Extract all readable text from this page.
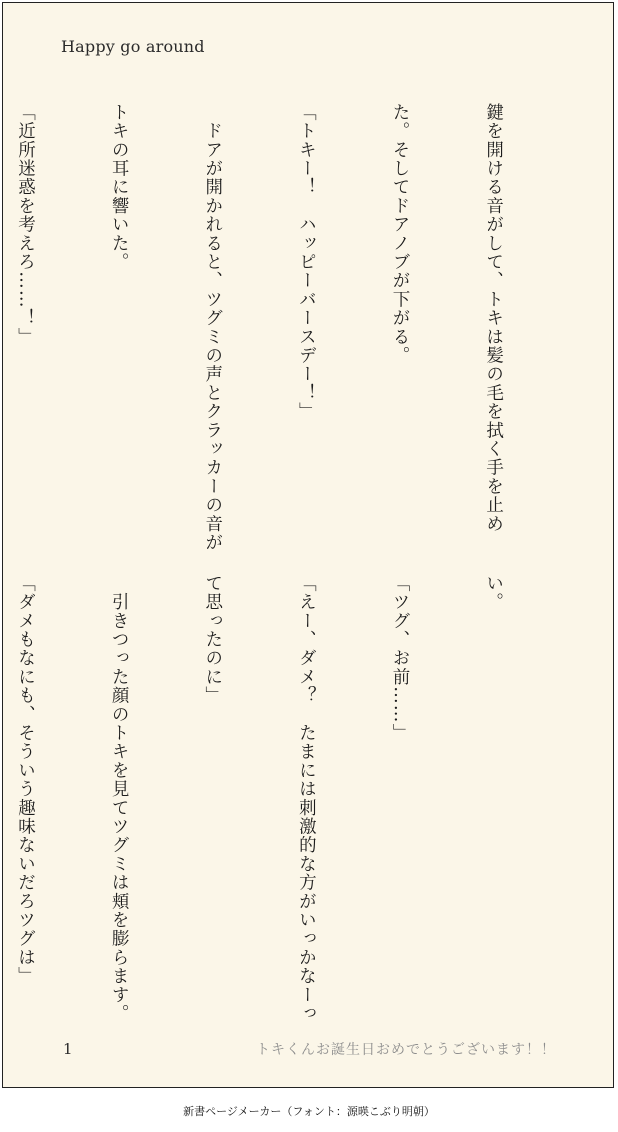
Happy go around

鍵を開ける音がして、トキは髪の毛を拭く手を止め

た。そしてドアノブが下がる。

「トキー！　ハッピーバースデー！」

　ドアが開かれると、ツグミの声とクラッカーの音が

トキの耳に響いた。

「近所迷惑を考えろ……！」

い。

「ツグ、お前……」

「えー、ダメ？　たまには刺激的な方がいっかなーっ

て思ったのに」

　引きつった顔のトキを見てツグミは頬を膨らます。

「ダメもなにも、そういう趣味ないだろツグは」

1	トキくんお誕生日おめでとうございます！！
新書ページメーカー（フォント：源暎こぶり明朝）
